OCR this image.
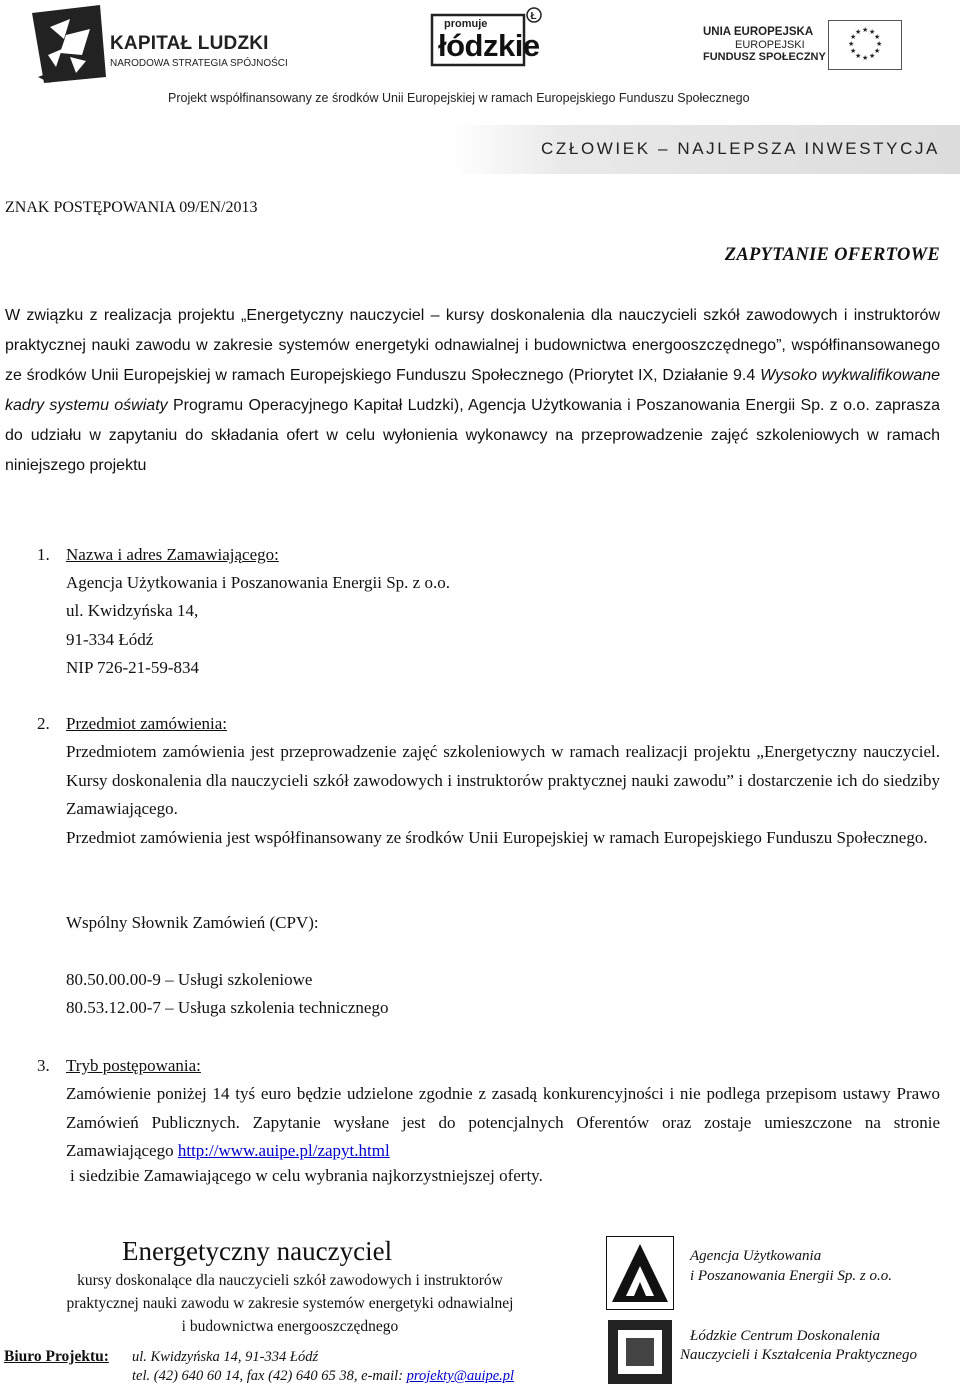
KAPITAŁ LUDZKI
NARODOWA STRATEGIA SPÓJNOŚCI
Ł
promuje
łódzkie	UNIA EUROPEJSKA
EUROPEJSKI
FUNDUSZ SPOŁECZNY
★ ★
★
★
★
★
★
★
★
★
★
★
Projekt współfinansowany ze środków Unii Europejskiej w ramach Europejskiego Funduszu Społecznego
CZŁOWIEK – NAJLEPSZA INWESTYCJA
ZNAK POSTĘPOWANIA 09/EN/2013
ZAPYTANIE OFERTOWE
W związku z realizacja projektu „Energetyczny nauczyciel – kursy doskonalenia dla nauczycieli szkół zawodowych i instruktorów praktycznej nauki zawodu w zakresie systemów energetyki odnawialnej i budownictwa energooszczędnego”, współfinansowanego ze środków Unii Europejskiej w ramach Europejskiego Funduszu Społecznego (Priorytet IX, Działanie 9.4 Wysoko wykwalifikowane kadry systemu oświaty Programu Operacyjnego Kapitał Ludzki), Agencja Użytkowania i Poszanowania Energii Sp. z o.o. zaprasza do udziału w zapytaniu do składania ofert w celu wyłonienia wykonawcy na przeprowadzenie zajęć szkoleniowych w ramach niniejszego projektu
1. Nazwa i adres Zamawiającego:
Agencja Użytkowania i Poszanowania Energii Sp. z o.o.
ul. Kwidzyńska 14,
91-334 Łódź
NIP 726-21-59-834
2. Przedmiot zamówienia:
Przedmiotem zamówienia jest przeprowadzenie zajęć szkoleniowych w ramach realizacji projektu „Energetyczny nauczyciel. Kursy doskonalenia dla nauczycieli szkół zawodowych i instruktorów praktycznej nauki zawodu” i dostarczenie ich do siedziby Zamawiającego.
Przedmiot zamówienia jest współfinansowany ze środków Unii Europejskiej w ramach Europejskiego Funduszu Społecznego.
Wspólny Słownik Zamówień (CPV):
80.50.00.00-9 – Usługi szkoleniowe
80.53.12.00-7 – Usługa szkolenia technicznego
3. Tryb postępowania:
Zamówienie poniżej 14 tyś euro będzie udzielone zgodnie z zasadą konkurencyjności i nie podlega przepisom ustawy Prawo Zamówień Publicznych. Zapytanie wysłane jest do potencjalnych Oferentów oraz zostaje umieszczone na stronie Zamawiającego http://www.auipe.pl/zapyt.html
i siedzibie Zamawiającego w celu wybrania najkorzystniejszej oferty.
Energetyczny nauczyciel
kursy doskonalące dla nauczycieli szkół zawodowych i instruktorów
praktycznej nauki zawodu w zakresie systemów energetyki odnawialnej
i budownictwa energooszczędnego
Biuro Projektu: ul. Kwidzyńska 14, 91-334 Łódź
tel. (42) 640 60 14, fax (42) 640 65 38, e-mail: projekty@auipe.pl
Agencja Użytkowania
i Poszanowania Energii Sp. z o.o.
Łódzkie Centrum Doskonalenia
Nauczycieli i Kształcenia Praktycznego
